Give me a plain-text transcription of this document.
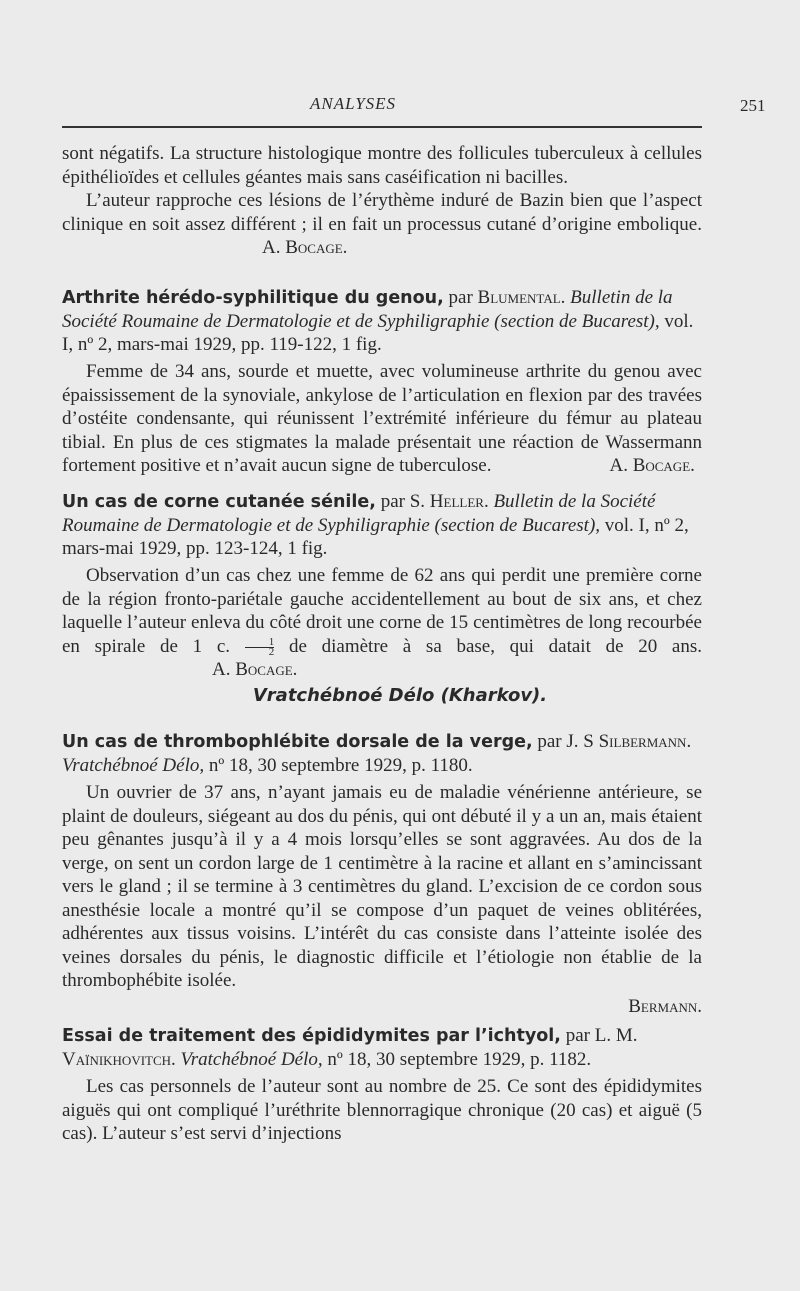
ANALYSES	251

sont négatifs. La structure histologique montre des follicules tuberculeux à cellules épithélioïdes et cellules géantes mais sans caséification ni bacilles.

L’auteur rapproche ces lésions de l’érythème induré de Bazin bien que l’aspect clinique en soit assez différent ; il en fait un processus cutané d’origine embolique.A. Bocage.

Arthrite hérédo-syphilitique du genou, par Blumental. Bulletin de la Société Roumaine de Dermatologie et de Syphiligraphie (section de Bucarest), vol. I, nº 2, mars-mai 1929, pp. 119-122, 1 fig.

Femme de 34 ans, sourde et muette, avec volumineuse arthrite du genou avec épaississement de la synoviale, ankylose de l’articulation en flexion par des travées d’ostéite condensante, qui réunissent l’extrémité inférieure du fémur au plateau tibial. En plus de ces stigmates la malade présentait une réaction de Wassermann fortement positive et n’avait aucun signe de tuberculose.	A. Bocage.

Un cas de corne cutanée sénile, par S. Heller. Bulletin de la Société Roumaine de Dermatologie et de Syphiligraphie (section de Bucarest), vol. I, nº 2, mars-mai 1929, pp. 123-124, 1 fig.

Observation d’un cas chez une femme de 62 ans qui perdit une première corne de la région fronto-pariétale gauche accidentellement au bout de six ans, et chez laquelle l’auteur enleva du côté droit une corne de 15 centimètres de long recourbée en spirale de 1 c. $\frac{1}{2}$ de diamètre à sa base, qui datait de 20 ans.A. Bocage.

Vratchébnoé Délo (Kharkov).

Un cas de thrombophlébite dorsale de la verge, par J. S Silbermann. Vratchébnoé Délo, nº 18, 30 septembre 1929, p. 1180.

Un ouvrier de 37 ans, n’ayant jamais eu de maladie vénérienne antérieure, se plaint de douleurs, siégeant au dos du pénis, qui ont débuté il y a un an, mais étaient peu gênantes jusqu’à il y a 4 mois lorsqu’elles se sont aggravées. Au dos de la verge, on sent un cordon large de 1 centimètre à la racine et allant en s’amincissant vers le gland ; il se termine à 3 centimètres du gland. L’excision de ce cordon sous anesthésie locale a montré qu’il se compose d’un paquet de veines oblitérées, adhérentes aux tissus voisins. L’intérêt du cas consiste dans l’atteinte isolée des veines dorsales du pénis, le diagnostic difficile et l’étiologie non établie de la thrombophébite isolée.

Bermann.

Essai de traitement des épididymites par l’ichtyol, par L. M. Vaïnikhovitch. Vratchébnoé Délo, nº 18, 30 septembre 1929, p. 1182.

Les cas personnels de l’auteur sont au nombre de 25. Ce sont des épididymites aiguës qui ont compliqué l’uréthrite blennorragique chronique (20 cas) et aiguë (5 cas). L’auteur s’est servi d’injections
